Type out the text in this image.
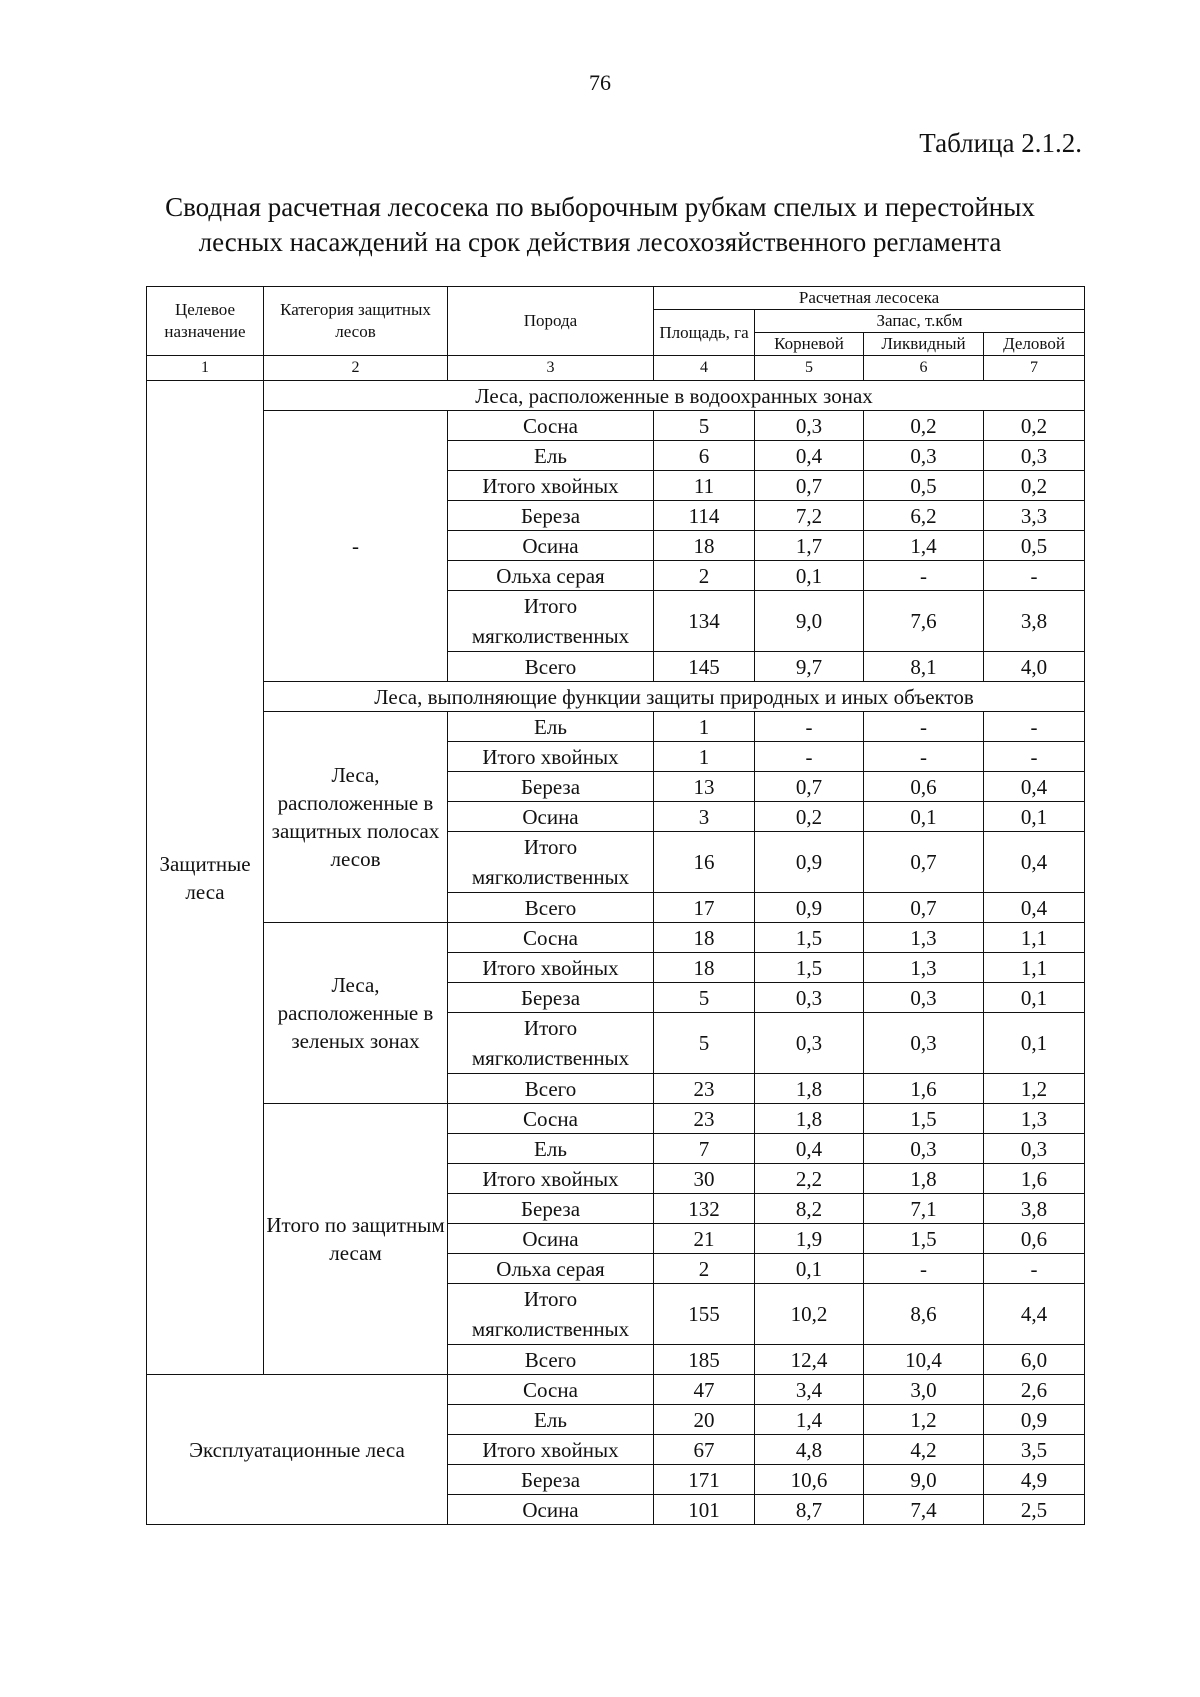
76
Таблица 2.1.2.
Сводная расчетная лесосека по выборочным рубкам спелых и перестойных
лесных насаждений на срок действия лесохозяйственного регламента
Целевое назначение	Категория защитных лесов	Порода	Расчетная лесосека			
			Площадь, га	Запас, т.кбм		
				Корневой	Ликвидный	Деловой
1	2	3	4	5	6	7
Защитные леса	Леса, расположенные в водоохранных зонах					
	-	Сосна	5	0,3	0,2	0,2
		Ель	6	0,4	0,3	0,3
		Итого хвойных	11	0,7	0,5	0,2
		Береза	114	7,2	6,2	3,3
		Осина	18	1,7	1,4	0,5
		Ольха серая	2	0,1	-	-
		Итого мягколиственных	134	9,0	7,6	3,8
		Всего	145	9,7	8,1	4,0
	Леса, выполняющие функции защиты природных и иных объектов					
	Леса, расположенные в защитных полосах лесов	Ель	1	-	-	-
		Итого хвойных	1	-	-	-
		Береза	13	0,7	0,6	0,4
		Осина	3	0,2	0,1	0,1
		Итого мягколиственных	16	0,9	0,7	0,4
		Всего	17	0,9	0,7	0,4
	Леса, расположенные в зеленых зонах	Сосна	18	1,5	1,3	1,1
		Итого хвойных	18	1,5	1,3	1,1
		Береза	5	0,3	0,3	0,1
		Итого мягколиственных	5	0,3	0,3	0,1
		Всего	23	1,8	1,6	1,2
	Итого по защитным лесам	Сосна	23	1,8	1,5	1,3
		Ель	7	0,4	0,3	0,3
		Итого хвойных	30	2,2	1,8	1,6
		Береза	132	8,2	7,1	3,8
		Осина	21	1,9	1,5	0,6
		Ольха серая	2	0,1	-	-
		Итого мягколиственных	155	10,2	8,6	4,4
		Всего	185	12,4	10,4	6,0
Эксплуатационные леса		Сосна	47	3,4	3,0	2,6
		Ель	20	1,4	1,2	0,9
		Итого хвойных	67	4,8	4,2	3,5
		Береза	171	10,6	9,0	4,9
		Осина	101	8,7	7,4	2,5
